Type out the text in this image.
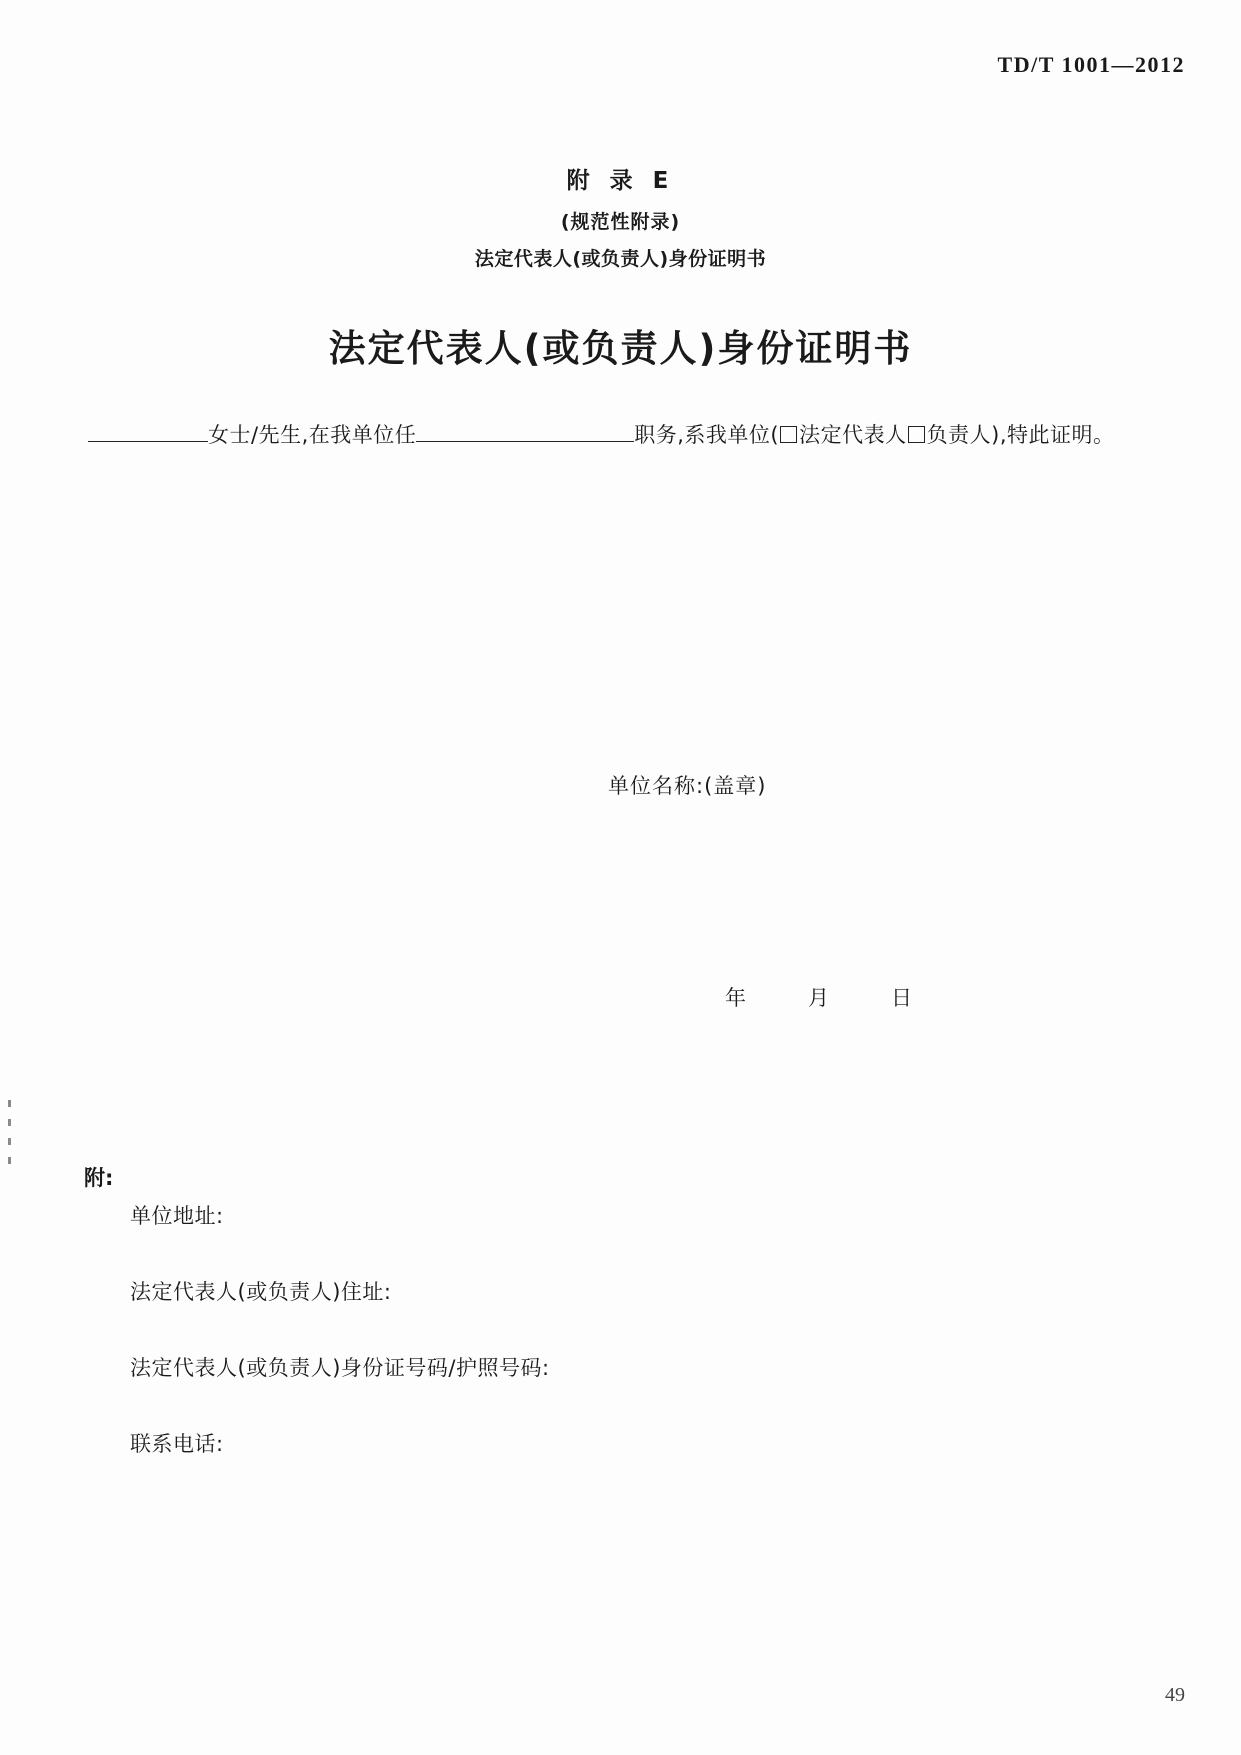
TD/T 1001—2012
附 录 E
(规范性附录)
法定代表人(或负责人)身份证明书
法定代表人(或负责人)身份证明书
女士/先生,在我单位任	职务,系我单位( 法定代表人 负责人),特此证明。
单位名称:(盖章)
年	月	日
附:
单位地址:
法定代表人(或负责人)住址:
法定代表人(或负责人)身份证号码/护照号码:
联系电话:
49
